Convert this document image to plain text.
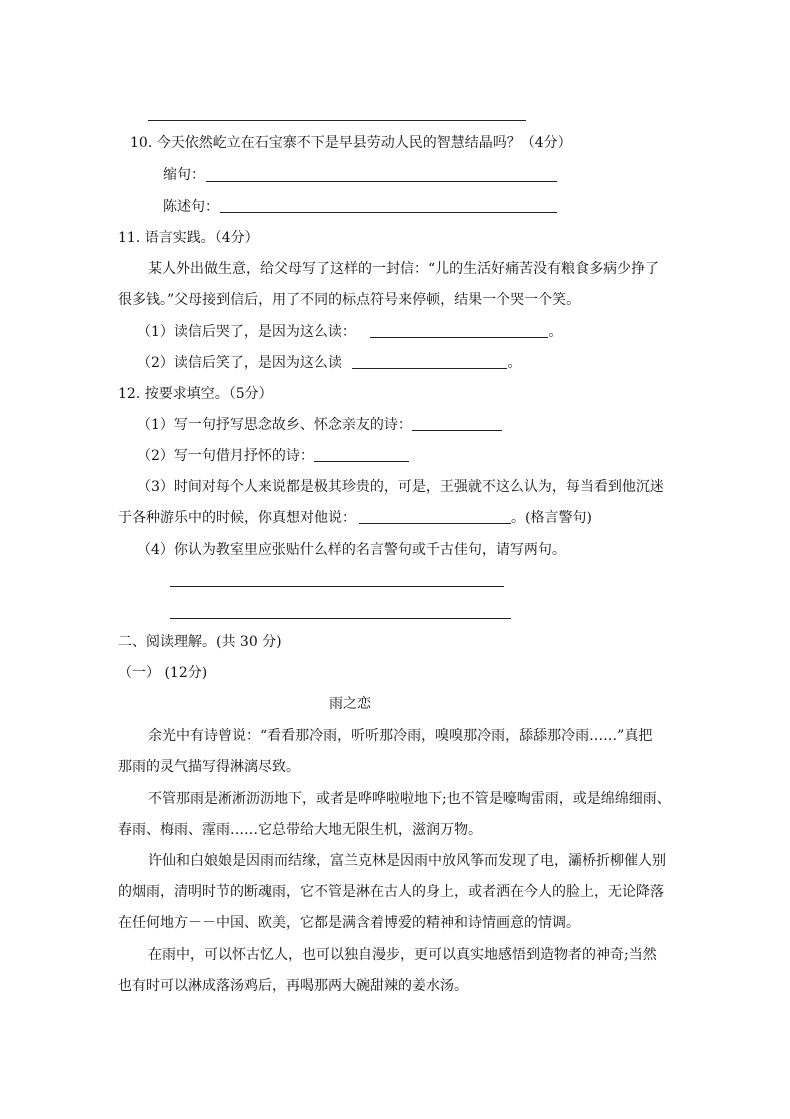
10. 今天依然屹立在石宝寨不下是早县劳动人民的智慧结晶吗？（4分）
缩句：
陈述句：
11. 语言实践。（4分）
某人外出做生意，给父母写了这样的一封信：“儿的生活好痛苦没有粮食多病少挣了
很多钱。”父母接到信后，用了不同的标点符号来停顿，结果一个哭一个笑。
（1）读信后哭了，是因为这么读：	。
（2）读信后笑了，是因为这么读	。
12. 按要求填空。（5分）
（1）写一句抒写思念故乡、怀念亲友的诗：
（2）写一句借月抒怀的诗：
（3）时间对每个人来说都是极其珍贵的，可是，王强就不这么认为，每当看到他沉迷
于各种游乐中的时候，你真想对他说：	。(格言警句)
（4）你认为教室里应张贴什么样的名言警句或千古佳句，请写两句。
二、阅读理解。(共 30 分)
（一） (12分)
雨之恋
余光中有诗曾说：“看看那冷雨，听听那冷雨，嗅嗅那冷雨，舔舔那冷雨……”真把
那雨的灵气描写得淋漓尽致。
不管那雨是淅淅沥沥地下，或者是哗哗啦啦地下;也不管是嚎啕雷雨，或是绵绵细雨、
春雨、梅雨、霪雨……它总带给大地无限生机，滋润万物。
许仙和白娘娘是因雨而结缘，富兰克林是因雨中放风筝而发现了电，灞桥折柳催人别
的烟雨，清明时节的断魂雨，它不管是淋在古人的身上，或者洒在今人的脸上，无论降落
在任何地方－－中国、欧美，它都是满含着博爱的精神和诗情画意的情调。
在雨中，可以怀古忆人，也可以独自漫步，更可以真实地感悟到造物者的神奇;当然
也有时可以淋成落汤鸡后，再喝那两大碗甜辣的姜水汤。
